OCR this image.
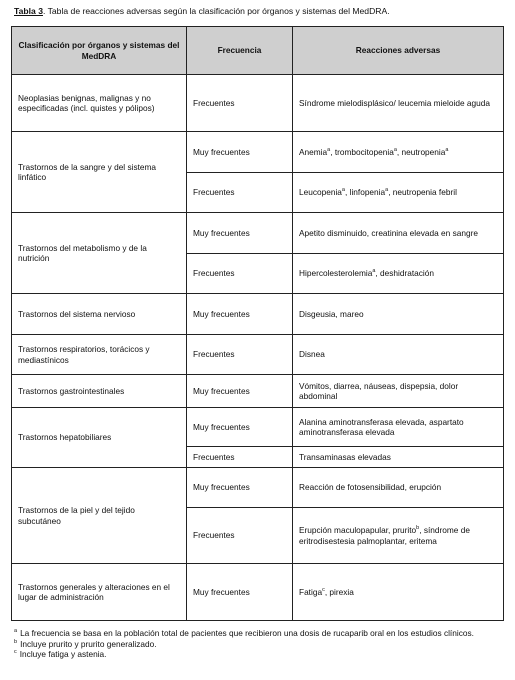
Tabla 3. Tabla de reacciones adversas según la clasificación por órganos y sistemas del MedDRA.
Clasificación por órganos y sistemas del MedDRA	Frecuencia	Reacciones adversas
Neoplasias benignas, malignas y no especificadas (incl. quistes y pólipos)	Frecuentes	Síndrome mielodisplásico/ leucemia mieloide aguda
Trastornos de la sangre y del sistema linfático	Muy frecuentes	Anemia$^a$, trombocitopenia$^a$, neutropenia$^a$
	Frecuentes	Leucopenia$^a$, linfopenia$^a$, neutropenia febril
Trastornos del metabolismo y de la nutrición	Muy frecuentes	Apetito disminuido, creatinina elevada en sangre
	Frecuentes	Hipercolesterolemia$^a$, deshidratación
Trastornos del sistema nervioso	Muy frecuentes	Disgeusia, mareo
Trastornos respiratorios, torácicos y mediastínicos	Frecuentes	Disnea
Trastornos gastrointestinales	Muy frecuentes	Vómitos, diarrea, náuseas, dispepsia, dolor abdominal
Trastornos hepatobiliares	Muy frecuentes	Alanina aminotransferasa elevada, aspartato aminotransferasa elevada
	Frecuentes	Transaminasas elevadas
Trastornos de la piel y del tejido subcutáneo	Muy frecuentes	Reacción de fotosensibilidad, erupción
	Frecuentes	Erupción maculopapular, prurito$^b$, síndrome de eritrodisestesia palmoplantar, eritema
Trastornos generales y alteraciones en el lugar de administración	Muy frecuentes	Fatiga$^c$, pirexia

$^a$ La frecuencia se basa en la población total de pacientes que recibieron una dosis de rucaparib oral en los estudios clínicos.

$^b$ Incluye prurito y prurito generalizado.

$^c$ Incluye fatiga y astenia.
